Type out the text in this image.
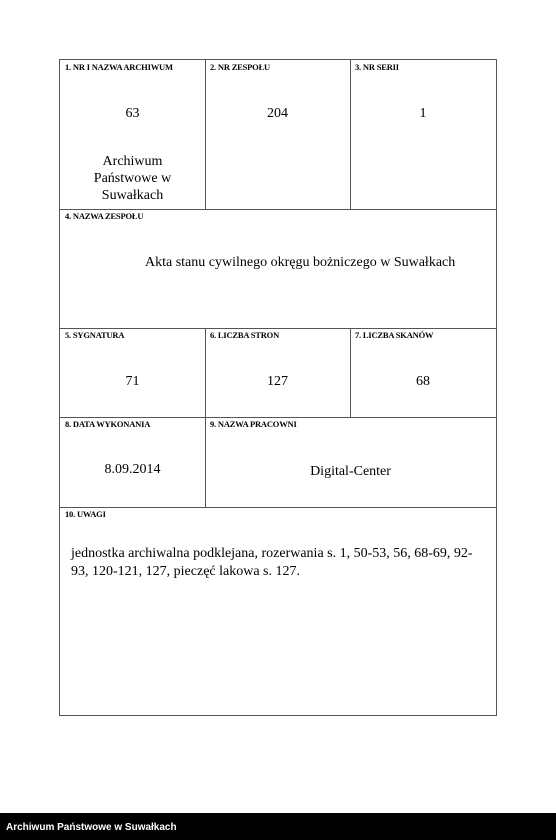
1. NR I NAZWA ARCHIWUM
63
Archiwum Państwowe w Suwałkach
2. NR ZESPOŁU
204
3. NR SERII
1
4. NAZWA ZESPOŁU
Akta stanu cywilnego okręgu bożniczego w Suwałkach
5. SYGNATURA
71
6. LICZBA STRON
127
7. LICZBA SKANÓW
68
8. DATA WYKONANIA
8.09.2014
9. NAZWA PRACOWNI
Digital-Center
10. UWAGI
jednostka archiwalna podklejana, rozerwania s. 1, 50-53, 56, 68-69, 92-93, 120-121, 127, pieczęć lakowa s. 127.
Archiwum Państwowe w Suwałkach
